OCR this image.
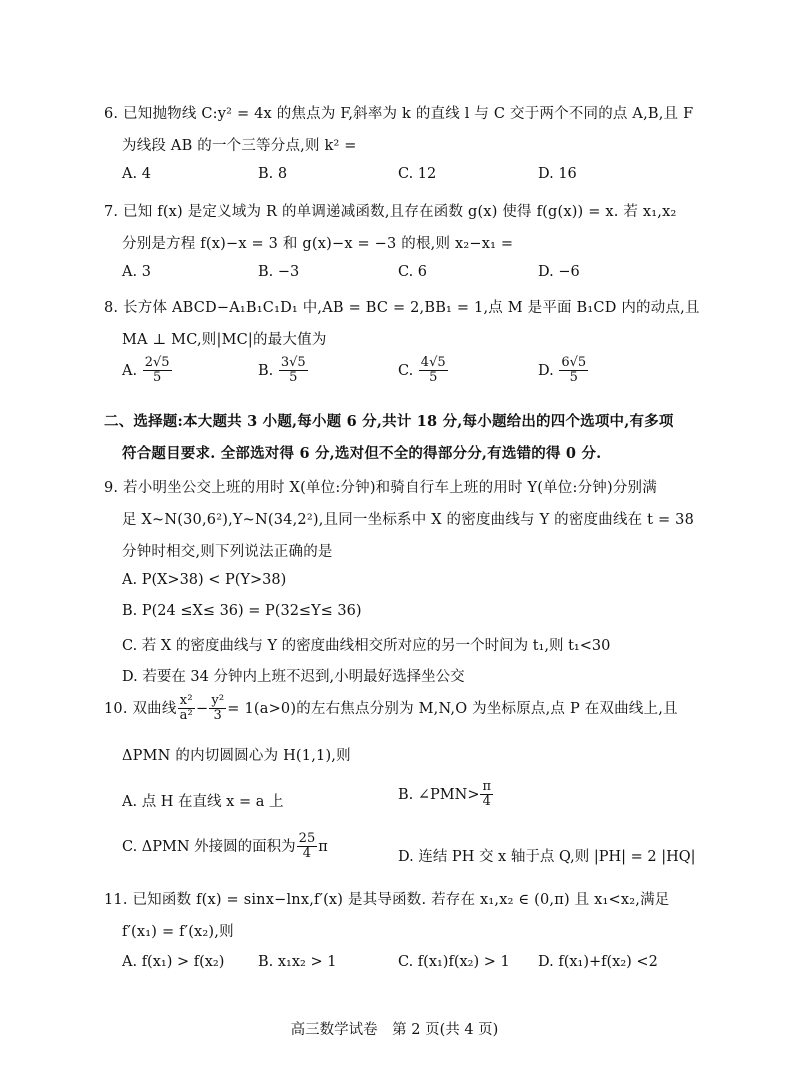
6. 已知抛物线 C:y² = 4x 的焦点为 F,斜率为 k 的直线 l 与 C 交于两个不同的点 A,B,且 F
为线段 AB 的一个三等分点,则 k² =
A. 4	B. 8	C. 12	D. 16
7. 已知 f(x) 是定义域为 R 的单调递减函数,且存在函数 g(x) 使得 f(g(x)) = x. 若 x₁,x₂
分别是方程 f(x)−x = 3 和 g(x)−x = −3 的根,则 x₂−x₁ =
A. 3	B. −3	C. 6	D. −6
8. 长方体 ABCD−A₁B₁C₁D₁ 中,AB = BC = 2,BB₁ = 1,点 M 是平面 B₁CD 内的动点,且
MA ⊥ MC,则|MC|的最大值为
A. $\frac{2√5}{5}$	B. $\frac{3√5}{5}$	C. $\frac{4√5}{5}$	D. $\frac{6√5}{5}$
二、选择题:本大题共 3 小题,每小题 6 分,共计 18 分,每小题给出的四个选项中,有多项
符合题目要求. 全部选对得 6 分,选对但不全的得部分分,有选错的得 0 分.
9. 若小明坐公交上班的用时 X(单位:分钟)和骑自行车上班的用时 Y(单位:分钟)分别满
足 X~N(30,6²),Y~N(34,2²),且同一坐标系中 X 的密度曲线与 Y 的密度曲线在 t = 38
分钟时相交,则下列说法正确的是
A. P(X>38) < P(Y>38)
B. P(24 ≤X≤ 36) = P(32≤Y≤ 36)
C. 若 X 的密度曲线与 Y 的密度曲线相交所对应的另一个时间为 t₁,则 t₁<30
D. 若要在 34 分钟内上班不迟到,小明最好选择坐公交
10. 双曲线 $\frac{\text{x²}}{\text{a²}} - \frac{\text{y²}}{3} = 1(a>0)$的左右焦点分别为 M,N,O 为坐标原点,点 P 在双曲线上,且
ΔPMN 的内切圆圆心为 H(1,1),则
A. 点 H 在直线 x = a 上	B. ∠PMN> $\frac{\pi}{4}$
C. ΔPMN 外接圆的面积为 $\frac{25}{4}$ π
D. 连结 PH 交 x 轴于点 Q,则 |PH| = 2 |HQ|
11. 已知函数 f(x) = sinx−lnx,f′(x) 是其导函数. 若存在 x₁,x₂ ∈ (0,π) 且 x₁<x₂,满足
f′(x₁) = f′(x₂),则
A. f(x₁) > f(x₂) B. x₁x₂ > 1	C. f(x₁)f(x₂) > 1 D. f(x₁)+f(x₂) <2
高三数学试卷　第 2 页(共 4 页)
